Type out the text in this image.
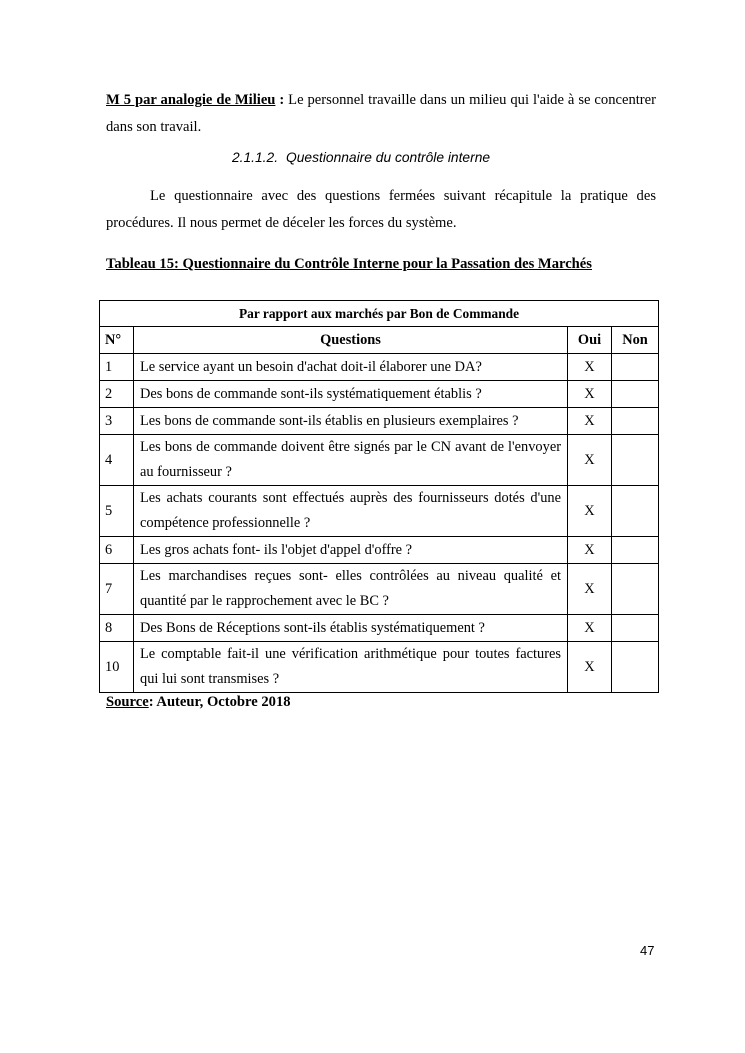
M 5 par analogie de Milieu : Le personnel travaille dans un milieu qui l'aide à se concentrer dans son travail.

2.1.1.2. Questionnaire du contrôle interne

Le questionnaire avec des questions fermées suivant récapitule la pratique des procédures. Il nous permet de déceler les forces du système.

Tableau 15: Questionnaire du Contrôle Interne pour la Passation des Marchés
Par rapport aux marchés par Bon de Commande			
N°	Questions	Oui	Non
1	Le service ayant un besoin d'achat doit-il élaborer une DA?	X	
2	Des bons de commande sont-ils systématiquement établis ?	X	
3	Les bons de commande sont-ils établis en plusieurs exemplaires ?	X	
4	Les bons de commande doivent être signés par le CN avant de l'envoyer au fournisseur ?	X	
5	Les achats courants sont effectués auprès des fournisseurs dotés d'une compétence professionnelle ?	X	
6	Les gros achats font- ils l'objet d'appel d'offre ?	X	
7	Les marchandises reçues sont- elles contrôlées au niveau qualité et quantité par le rapprochement avec le BC ?	X	
8	Des Bons de Réceptions sont-ils établis systématiquement ?	X	
10	Le comptable fait-il une vérification arithmétique pour toutes factures qui lui sont transmises ?	X	
Source: Auteur, Octobre 2018
47
